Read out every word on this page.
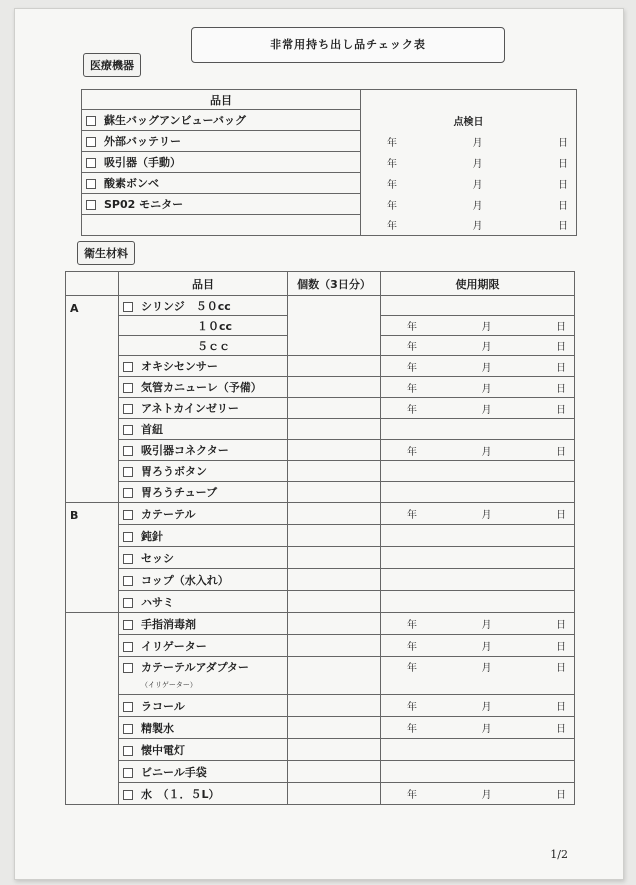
非常用持ち出し品チェック表
医療機器
品目	
蘇生バッグアンビューバッグ	点検日
外部バッテリー	年 月 日

吸引器（手動）	年 月 日

酸素ボンベ	年 月 日

SP02 モニター	年 月 日

	年 月 日
衛生材料
	品目	個数（3日分）	使用期限
A	シリンジ　５０cc		
	１０cc		年 月 日

	５ｃｃ		年 月 日

	オキシセンサー		年 月 日

	気管カニューレ（予備）		年 月 日

	アネトカインゼリー		年 月 日

	首紐		
	吸引器コネクター		年 月 日

	胃ろうボタン		
	胃ろうチューブ		
B	カテーテル		年 月 日

	鈍針		
	セッシ		
	コップ（水入れ）		
	ハサミ		
	手指消毒剤		年 月 日

	イリゲーター		年 月 日

	カテーテルアダプター		年 月 日

	（イリゲーター）		
	ラコール		年 月 日

	精製水		年 月 日

	懐中電灯		
	ビニール手袋		
	水　（１．５L）		年 月 日
1/2
